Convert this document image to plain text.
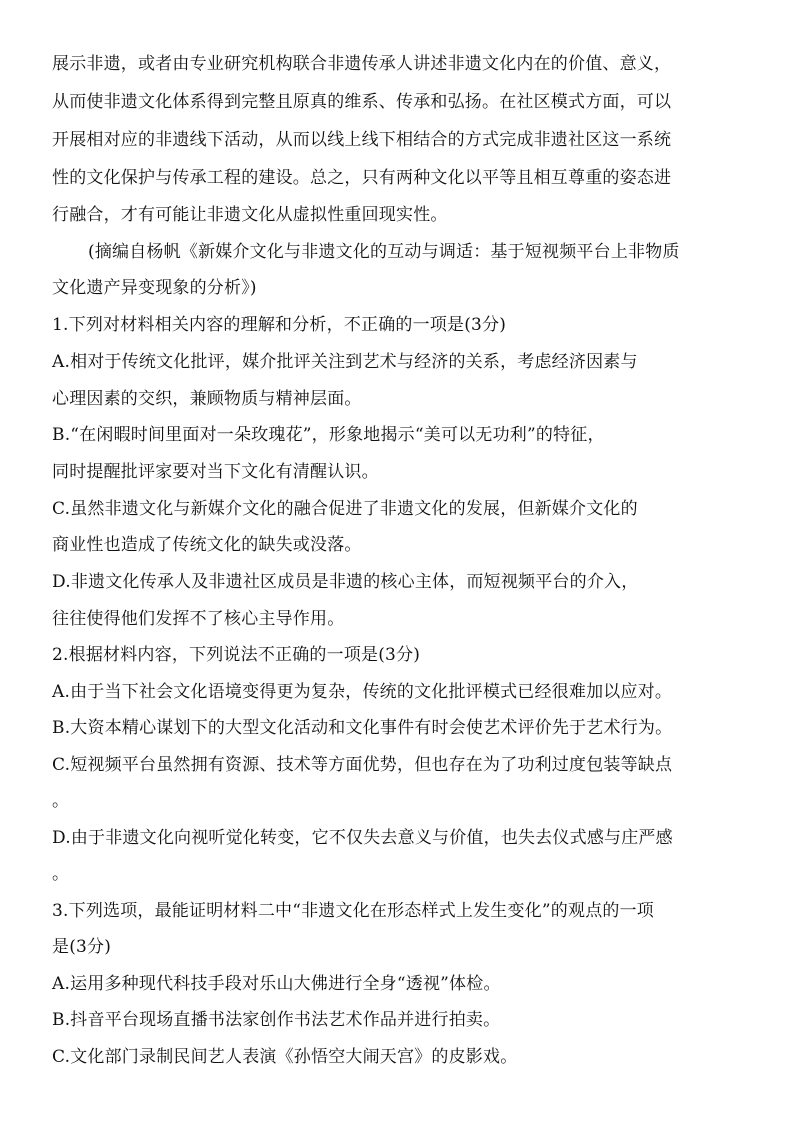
展示非遗，或者由专业研究机构联合非遗传承人讲述非遗文化内在的价值、意义，
从而使非遗文化体系得到完整且原真的维系、传承和弘扬。在社区模式方面，可以
开展相对应的非遗线下活动，从而以线上线下相结合的方式完成非遗社区这一系统
性的文化保护与传承工程的建设。总之，只有两种文化以平等且相互尊重的姿态进
行融合，才有可能让非遗文化从虚拟性重回现实性。
(摘编自杨帆《新媒介文化与非遗文化的互动与调适：基于短视频平台上非物质
文化遗产异变现象的分析》)
1.下列对材料相关内容的理解和分析，不正确的一项是(3分)
A.相对于传统文化批评，媒介批评关注到艺术与经济的关系，考虑经济因素与
心理因素的交织，兼顾物质与精神层面。
B.“在闲暇时间里面对一朵玫瑰花”，形象地揭示“美可以无功利”的特征，
同时提醒批评家要对当下文化有清醒认识。
C.虽然非遗文化与新媒介文化的融合促进了非遗文化的发展，但新媒介文化的
商业性也造成了传统文化的缺失或没落。
D.非遗文化传承人及非遗社区成员是非遗的核心主体，而短视频平台的介入，
往往使得他们发挥不了核心主导作用。
2.根据材料内容，下列说法不正确的一项是(3分)
A.由于当下社会文化语境变得更为复杂，传统的文化批评模式已经很难加以应对。
B.大资本精心谋划下的大型文化活动和文化事件有时会使艺术评价先于艺术行为。
C.短视频平台虽然拥有资源、技术等方面优势，但也存在为了功利过度包装等缺点
。
D.由于非遗文化向视听觉化转变，它不仅失去意义与价值，也失去仪式感与庄严感
。
3.下列选项，最能证明材料二中“非遗文化在形态样式上发生变化”的观点的一项
是(3分)
A.运用多种现代科技手段对乐山大佛进行全身“透视”体检。
B.抖音平台现场直播书法家创作书法艺术作品并进行拍卖。
C.文化部门录制民间艺人表演《孙悟空大闹天宫》的皮影戏。
